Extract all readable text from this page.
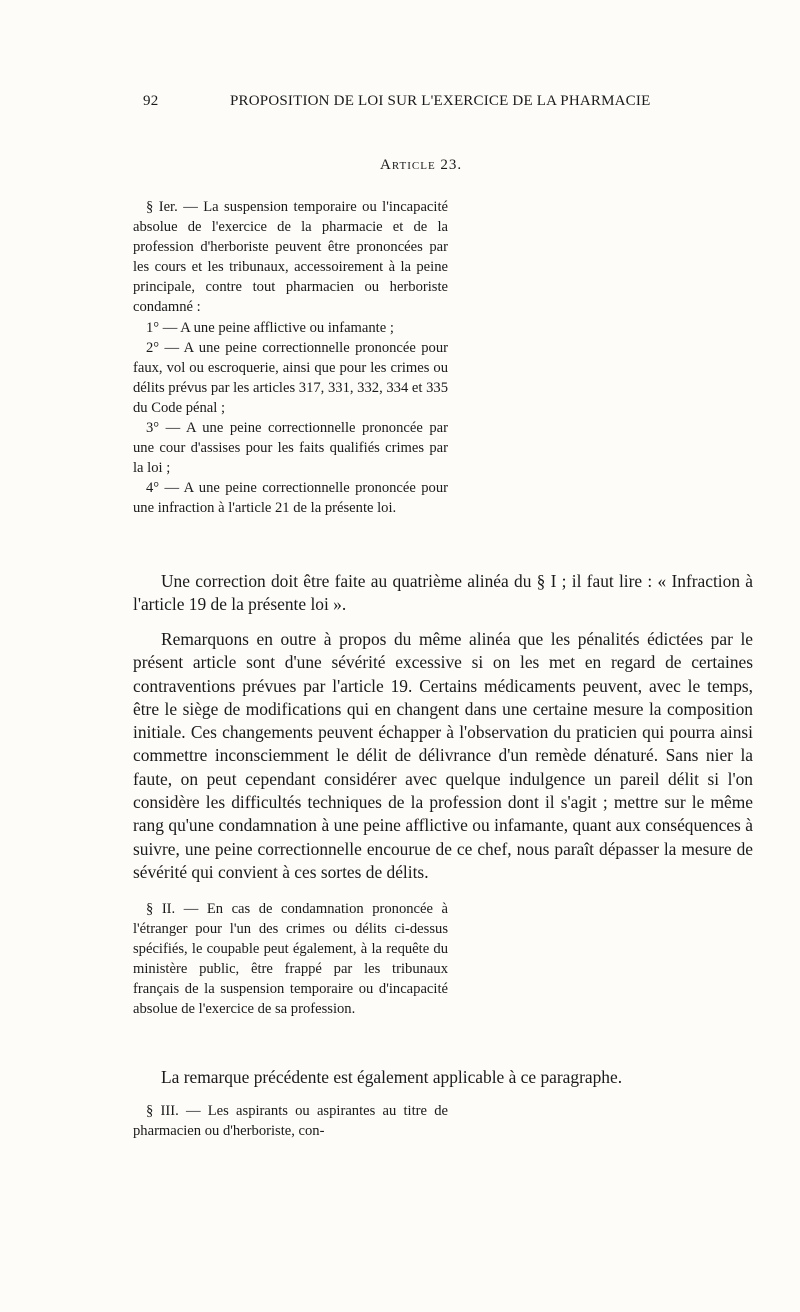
92	PROPOSITION DE LOI SUR L'EXERCICE DE LA PHARMACIE
Article 23.

§ Ier. — La suspension temporaire ou l'incapacité absolue de l'exercice de la pharmacie et de la profession d'herboriste peuvent être prononcées par les cours et les tribunaux, accessoirement à la peine principale, contre tout pharmacien ou herboriste condamné :

1° — A une peine afflictive ou infamante ;

2° — A une peine correctionnelle prononcée pour faux, vol ou escroquerie, ainsi que pour les crimes ou délits prévus par les articles 317, 331, 332, 334 et 335 du Code pénal ;

3° — A une peine correctionnelle prononcée par une cour d'assises pour les faits qualifiés crimes par la loi ;

4° — A une peine correctionnelle prononcée pour une infraction à l'article 21 de la présente loi.

Une correction doit être faite au quatrième alinéa du § I ; il faut lire : « Infraction à l'article 19 de la présente loi ».

Remarquons en outre à propos du même alinéa que les pénalités édictées par le présent article sont d'une sévérité excessive si on les met en regard de certaines contraventions prévues par l'article 19. Certains médicaments peuvent, avec le temps, être le siège de modifications qui en changent dans une certaine mesure la composition initiale. Ces changements peuvent échapper à l'observation du praticien qui pourra ainsi commettre inconsciemment le délit de délivrance d'un remède dénaturé. Sans nier la faute, on peut cependant considérer avec quelque indulgence un pareil délit si l'on considère les difficultés techniques de la profession dont il s'agit ; mettre sur le même rang qu'une condamnation à une peine afflictive ou infamante, quant aux conséquences à suivre, une peine correctionnelle encourue de ce chef, nous paraît dépasser la mesure de sévérité qui convient à ces sortes de délits.

§ II. — En cas de condamnation prononcée à l'étranger pour l'un des crimes ou délits ci-dessus spécifiés, le coupable peut également, à la requête du ministère public, être frappé par les tribunaux français de la suspension temporaire ou d'incapacité absolue de l'exercice de sa profession.

La remarque précédente est également applicable à ce paragraphe.

§ III. — Les aspirants ou aspirantes au titre de pharmacien ou d'herboriste, con-
